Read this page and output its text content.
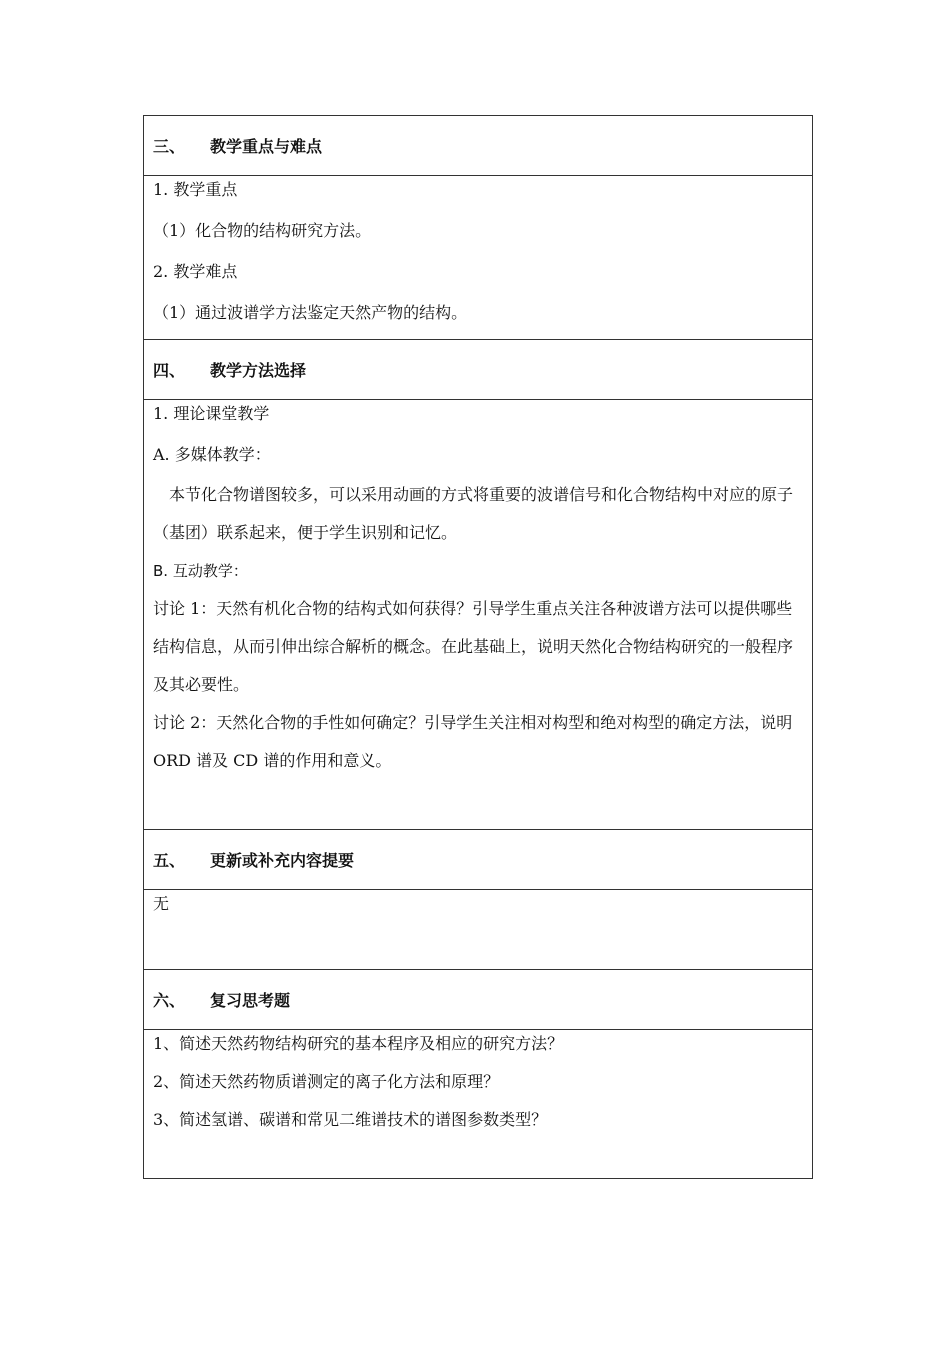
三、	教学重点与难点
1. 教学重点
（1）化合物的结构研究方法。
2. 教学难点
（1）通过波谱学方法鉴定天然产物的结构。
四、	教学方法选择
1. 理论课堂教学
A. 多媒体教学：

本节化合物谱图较多，可以采用动画的方式将重要的波谱信号和化合物结构中对应的原子（基团）联系起来，便于学生识别和记忆。

B. 互动教学：

讨论 1：天然有机化合物的结构式如何获得？引导学生重点关注各种波谱方法可以提供哪些结构信息，从而引伸出综合解析的概念。在此基础上，说明天然化合物结构研究的一般程序及其必要性。

讨论 2：天然化合物的手性如何确定？引导学生关注相对构型和绝对构型的确定方法，说明 ORD 谱及 CD 谱的作用和意义。

五、	更新或补充内容提要
无
六、	复习思考题
1、简述天然药物结构研究的基本程序及相应的研究方法？
2、简述天然药物质谱测定的离子化方法和原理？
3、简述氢谱、碳谱和常见二维谱技术的谱图参数类型？
